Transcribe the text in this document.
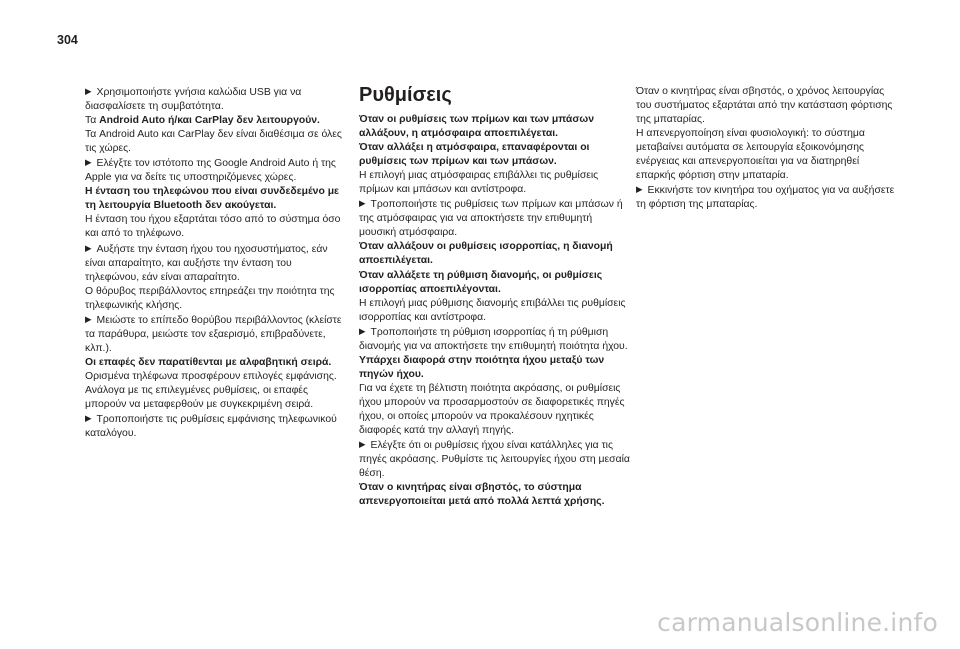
304

▶ Χρησιμοποιήστε γνήσια καλώδια USB για να διασφαλίσετε τη συμβατότητα.

Τα Android Auto ή/και CarPlay δεν λειτουργούν.

Τα Android Auto και CarPlay δεν είναι διαθέσιμα σε όλες τις χώρες.

▶ Ελέγξτε τον ιστότοπο της Google Android Auto ή της Apple για να δείτε τις υποστηριζόμενες χώρες.

Η ένταση του τηλεφώνου που είναι συνδεδεμένο με τη λειτουργία Bluetooth δεν ακούγεται.

Η ένταση του ήχου εξαρτάται τόσο από το σύστημα όσο και από το τηλέφωνο.

▶ Αυξήστε την ένταση ήχου του ηχοσυστήματος, εάν είναι απαραίτητο, και αυξήστε την ένταση του τηλεφώνου, εάν είναι απαραίτητο.

Ο θόρυβος περιβάλλοντος επηρεάζει την ποιότητα της τηλεφωνικής κλήσης.

▶ Μειώστε το επίπεδο θορύβου περιβάλλοντος (κλείστε τα παράθυρα, μειώστε τον εξαερισμό, επιβραδύνετε, κλπ.).

Οι επαφές δεν παρατίθενται με αλφαβητική σειρά.

Ορισμένα τηλέφωνα προσφέρουν επιλογές εμφάνισης. Ανάλογα με τις επιλεγμένες ρυθμίσεις, οι επαφές μπορούν να μεταφερθούν με συγκεκριμένη σειρά.

▶ Τροποποιήστε τις ρυθμίσεις εμφάνισης τηλεφωνικού καταλόγου.

Ρυθμίσεις

Όταν οι ρυθμίσεις των πρίμων και των μπάσων αλλάξουν, η ατμόσφαιρα αποεπιλέγεται.

Όταν αλλάξει η ατμόσφαιρα, επαναφέρονται οι ρυθμίσεις των πρίμων και των μπάσων.

Η επιλογή μιας ατμόσφαιρας επιβάλλει τις ρυθμίσεις πρίμων και μπάσων και αντίστροφα.

▶ Τροποποιήστε τις ρυθμίσεις των πρίμων και μπάσων ή της ατμόσφαιρας για να αποκτήσετε την επιθυμητή μουσική ατμόσφαιρα.

Όταν αλλάξουν οι ρυθμίσεις ισορροπίας, η διανομή αποεπιλέγεται.

Όταν αλλάξετε τη ρύθμιση διανομής, οι ρυθμίσεις ισορροπίας αποεπιλέγονται.

Η επιλογή μιας ρύθμισης διανομής επιβάλλει τις ρυθμίσεις ισορροπίας και αντίστροφα.

▶ Τροποποιήστε τη ρύθμιση ισορροπίας ή τη ρύθμιση διανομής για να αποκτήσετε την επιθυμητή ποιότητα ήχου.

Υπάρχει διαφορά στην ποιότητα ήχου μεταξύ των πηγών ήχου.

Για να έχετε τη βέλτιστη ποιότητα ακρόασης, οι ρυθμίσεις ήχου μπορούν να προσαρμοστούν σε διαφορετικές πηγές ήχου, οι οποίες μπορούν να προκαλέσουν ηχητικές διαφορές κατά την αλλαγή πηγής.

▶ Ελέγξτε ότι οι ρυθμίσεις ήχου είναι κατάλληλες για τις πηγές ακρόασης. Ρυθμίστε τις λειτουργίες ήχου στη μεσαία θέση.

Όταν ο κινητήρας είναι σβηστός, το σύστημα απενεργοποιείται μετά από πολλά λεπτά χρήσης.

Όταν ο κινητήρας είναι σβηστός, ο χρόνος λειτουργίας του συστήματος εξαρτάται από την κατάσταση φόρτισης της μπαταρίας.

Η απενεργοποίηση είναι φυσιολογική: το σύστημα μεταβαίνει αυτόματα σε λειτουργία εξοικονόμησης ενέργειας και απενεργοποιείται για να διατηρηθεί επαρκής φόρτιση στην μπαταρία.

▶ Εκκινήστε τον κινητήρα του οχήματος για να αυξήσετε τη φόρτιση της μπαταρίας.

carmanualsonline.info
